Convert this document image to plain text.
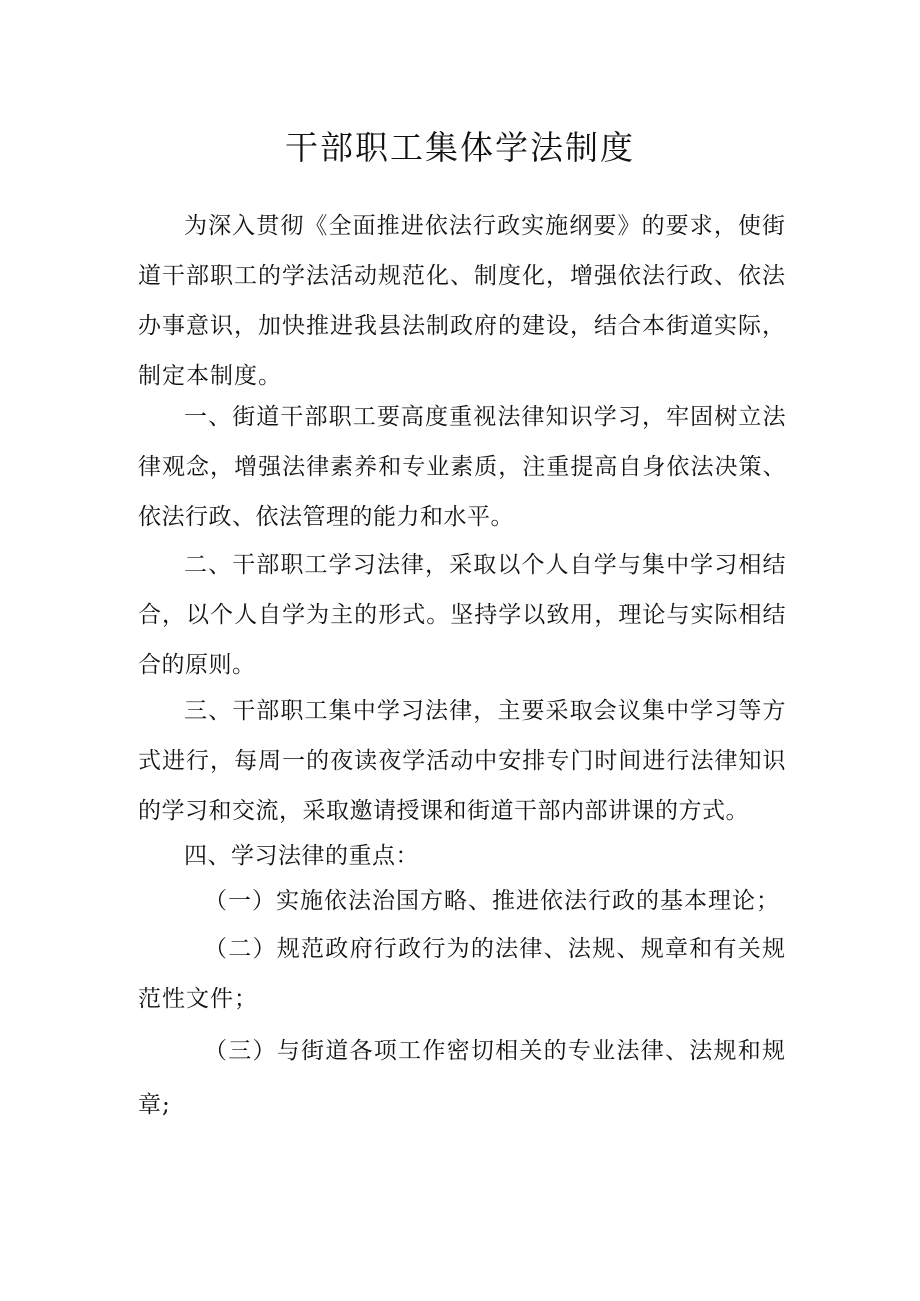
干部职工集体学法制度

为深入贯彻《全面推进依法行政实施纲要》的要求，使街道干部职工的学法活动规范化、制度化，增强依法行政、依法办事意识，加快推进我县法制政府的建设，结合本街道实际，制定本制度。

一、街道干部职工要高度重视法律知识学习，牢固树立法律观念，增强法律素养和专业素质，注重提高自身依法决策、依法行政、依法管理的能力和水平。

二、干部职工学习法律，采取以个人自学与集中学习相结合，以个人自学为主的形式。坚持学以致用，理论与实际相结合的原则。

三、干部职工集中学习法律，主要采取会议集中学习等方式进行，每周一的夜读夜学活动中安排专门时间进行法律知识的学习和交流，采取邀请授课和街道干部内部讲课的方式。

四、学习法律的重点：

（一）实施依法治国方略、推进依法行政的基本理论；

（二）规范政府行政行为的法律、法规、规章和有关规范性文件；

（三）与街道各项工作密切相关的专业法律、法规和规章;
